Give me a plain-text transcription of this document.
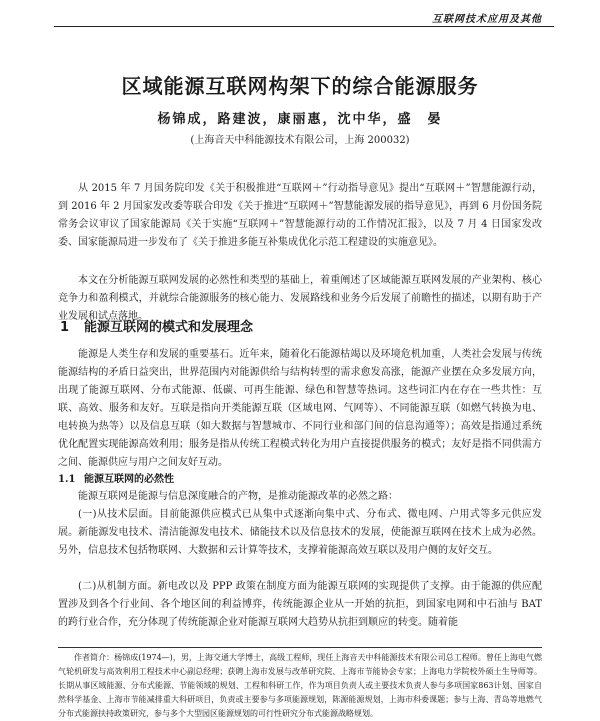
互联网技术应用及其他
区域能源互联网构架下的综合能源服务
杨锦成，路建波，康丽惠，沈中华，盛　晏
(上海音天中科能源技术有限公司，上海 200032)
从 2015 年 7 月国务院印发《关于积极推进“互联网＋”行动指导意见》提出“互联网＋”智慧能源行动，到 2016 年 2 月国家发改委等联合印发《关于推进“互联网＋”智慧能源发展的指导意见》，再到 6 月份国务院常务会议审议了国家能源局《关于实施“互联网＋”智慧能源行动的工作情况汇报》，以及 7 月 4 日国家发改委、国家能源局进一步发布了《关于推进多能互补集成优化示范工程建设的实施意见》。
本文在分析能源互联网发展的必然性和类型的基础上，着重阐述了区域能源互联网发展的产业架构、核心竞争力和盈利模式，并就综合能源服务的核心能力、发展路线和业务今后发展了前瞻性的描述，以期有助于产业发展和试点落地。
1 能源互联网的模式和发展理念
能源是人类生存和发展的重要基石。近年来，随着化石能源枯竭以及环境危机加重，人类社会发展与传统能源结构的矛盾日益突出，世界范围内对能源供给与结构转型的需求愈发高涨，能源产业摆在众多发展方向，出现了能源互联网、分布式能源、低碳、可再生能源、绿色和智慧等热词。这些词汇内在存在一些共性：互联、高效、服务和友好。互联是指向开类能源互联（区域电网、气网等）、不同能源互联（如燃气转换为电、电转换为热等）以及信息互联（如大数据与智慧城市、不同行业和部门间的信息沟通等）；高效是指通过系统优化配置实现能源高效利用；服务是指从传统工程模式转化为用户直接提供服务的模式；友好是指不同供需方之间、能源供应与用户之间友好互动。
1.1 能源互联网的必然性
能源互联网是能源与信息深度融合的产物，是推动能源改革的必然之路：
(一)从技术层面。目前能源供应模式已从集中式逐渐向集中式、分布式、微电网、户用式等多元供应发展。新能源发电技术、清洁能源发电技术、储能技术以及信息技术的发展，使能源互联网在技术上成为必然。另外，信息技术包括物联网、大数据和云计算等技术，支撑着能源高效互联以及用户侧的友好交互。
(二)从机制方面。新电改以及 PPP 政策在制度方面为能源互联网的实现提供了支撑。由于能源的供应配置涉及到各个行业间、各个地区间的利益博弈，传统能源企业从一开始的抗拒，到国家电网和中石油与 BAT 的跨行业合作，充分体现了传统能源企业对能源互联网大趋势从抗拒到顺应的转变。随着能
作者简介：杨锦成(1974—)，男，上海交通大学博士，高级工程师，现任上海音天中科能源技术有限公司总工程师。曾任上海电气燃气轮机研发与高效利用工程技术中心副总经理；获聘上海市发展与改革研究院、上海市节能协会专家；上海电力学院校外硕士生导师等。长期从事区域能源、分布式能源、节能领域的规划、工程和科研工作，作为项目负责人或主要技术负责人参与多项国家863计划、国家自然科学基金、上海市节能减排重大科研项目，负责或主要参与多项能源规划，陈源能源规划，上海市科委课题；参与上海、青岛等地燃气分布式能源扶持政策研究，参与多个大型园区能源规划的可行性研究分布式能源战略规划。
